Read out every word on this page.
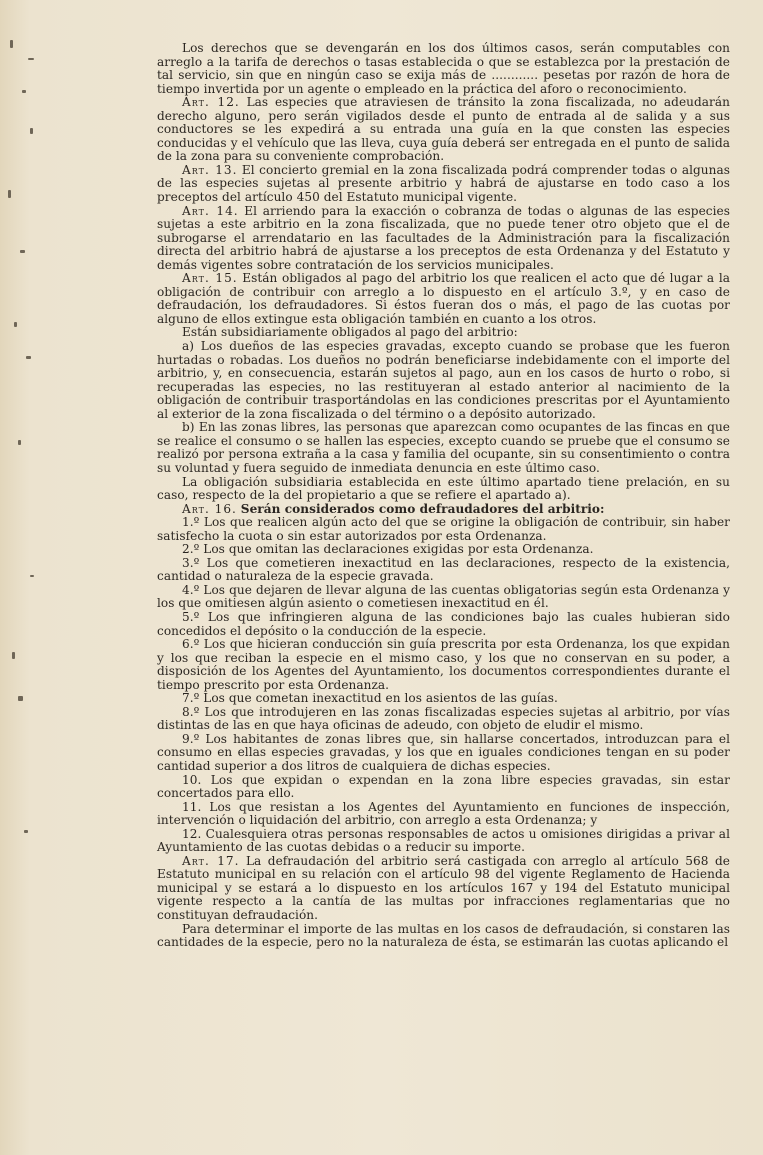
Los derechos que se devengarán en los dos últimos casos, serán computables con arreglo a la tarifa de derechos o tasas establecida o que se establezca por la prestación de tal servicio, sin que en ningún caso se exija más de ............ pesetas por razón de hora de tiempo invertida por un agente o empleado en la práctica del aforo o reconocimiento.

Art. 12. Las especies que atraviesen de tránsito la zona fiscalizada, no adeudarán derecho alguno, pero serán vigilados desde el punto de entrada al de salida y a sus conductores se les expedirá a su entrada una guía en la que consten las especies conducidas y el vehículo que las lleva, cuya guía deberá ser entregada en el punto de salida de la zona para su conveniente comprobación.

Art. 13. El concierto gremial en la zona fiscalizada podrá comprender todas o algunas de las especies sujetas al presente arbitrio y habrá de ajustarse en todo caso a los preceptos del artículo 450 del Estatuto municipal vigente.

Art. 14. El arriendo para la exacción o cobranza de todas o algunas de las especies sujetas a este arbitrio en la zona fiscalizada, que no puede tener otro objeto que el de subrogarse el arrendatario en las facultades de la Administración para la fiscalización directa del arbitrio habrá de ajustarse a los preceptos de esta Ordenanza y del Estatuto y demás vigentes sobre contratación de los servicios municipales.

Art. 15. Están obligados al pago del arbitrio los que realicen el acto que dé lugar a la obligación de contribuir con arreglo a lo dispuesto en el artículo 3.º, y en caso de defraudación, los defraudadores. Si éstos fueran dos o más, el pago de las cuotas por alguno de ellos extingue esta obligación también en cuanto a los otros.

Están subsidiariamente obligados al pago del arbitrio:

a) Los dueños de las especies gravadas, excepto cuando se probase que les fueron hurtadas o robadas. Los dueños no podrán beneficiarse indebidamente con el importe del arbitrio, y, en consecuencia, estarán sujetos al pago, aun en los casos de hurto o robo, si recuperadas las especies, no las restituyeran al estado anterior al nacimiento de la obligación de contribuir trasportándolas en las condiciones prescritas por el Ayuntamiento al exterior de la zona fiscalizada o del término o a depósito autorizado.

b) En las zonas libres, las personas que aparezcan como ocupantes de las fincas en que se realice el consumo o se hallen las especies, excepto cuando se pruebe que el consumo se realizó por persona extraña a la casa y familia del ocupante, sin su consentimiento o contra su voluntad y fuera seguido de inmediata denuncia en este último caso.

La obligación subsidiaria establecida en este último apartado tiene prelación, en su caso, respecto de la del propietario a que se refiere el apartado a).

Art. 16. Serán considerados como defraudadores del arbitrio:

1.º Los que realicen algún acto del que se origine la obligación de contribuir, sin haber satisfecho la cuota o sin estar autorizados por esta Ordenanza.

2.º Los que omitan las declaraciones exigidas por esta Ordenanza.

3.º Los que cometieren inexactitud en las declaraciones, respecto de la existencia, cantidad o naturaleza de la especie gravada.

4.º Los que dejaren de llevar alguna de las cuentas obligatorias según esta Ordenanza y los que omitiesen algún asiento o cometiesen inexactitud en él.

5.º Los que infringieren alguna de las condiciones bajo las cuales hubieran sido concedidos el depósito o la conducción de la especie.

6.º Los que hicieran conducción sin guía prescrita por esta Ordenanza, los que expidan y los que reciban la especie en el mismo caso, y los que no conservan en su poder, a disposición de los Agentes del Ayuntamiento, los documentos correspondientes durante el tiempo prescrito por esta Ordenanza.

7.º Los que cometan inexactitud en los asientos de las guías.

8.º Los que introdujeren en las zonas fiscalizadas especies sujetas al arbitrio, por vías distintas de las en que haya oficinas de adeudo, con objeto de eludir el mismo.

9.º Los habitantes de zonas libres que, sin hallarse concertados, introduzcan para el consumo en ellas especies gravadas, y los que en iguales condiciones tengan en su poder cantidad superior a dos litros de cualquiera de dichas especies.

10. Los que expidan o expendan en la zona libre especies gravadas, sin estar concertados para ello.

11. Los que resistan a los Agentes del Ayuntamiento en funciones de inspección, intervención o liquidación del arbitrio, con arreglo a esta Ordenanza; y

12. Cualesquiera otras personas responsables de actos u omisiones dirigidas a privar al Ayuntamiento de las cuotas debidas o a reducir su importe.

Art. 17. La defraudación del arbitrio será castigada con arreglo al artículo 568 de Estatuto municipal en su relación con el artículo 98 del vigente Reglamento de Hacienda municipal y se estará a lo dispuesto en los artículos 167 y 194 del Estatuto municipal vigente respecto a la cantía de las multas por infracciones reglamentarias que no constituyan defraudación.

Para determinar el importe de las multas en los casos de defraudación, si constaren las cantidades de la especie, pero no la naturaleza de ésta, se estimarán las cuotas aplicando el
